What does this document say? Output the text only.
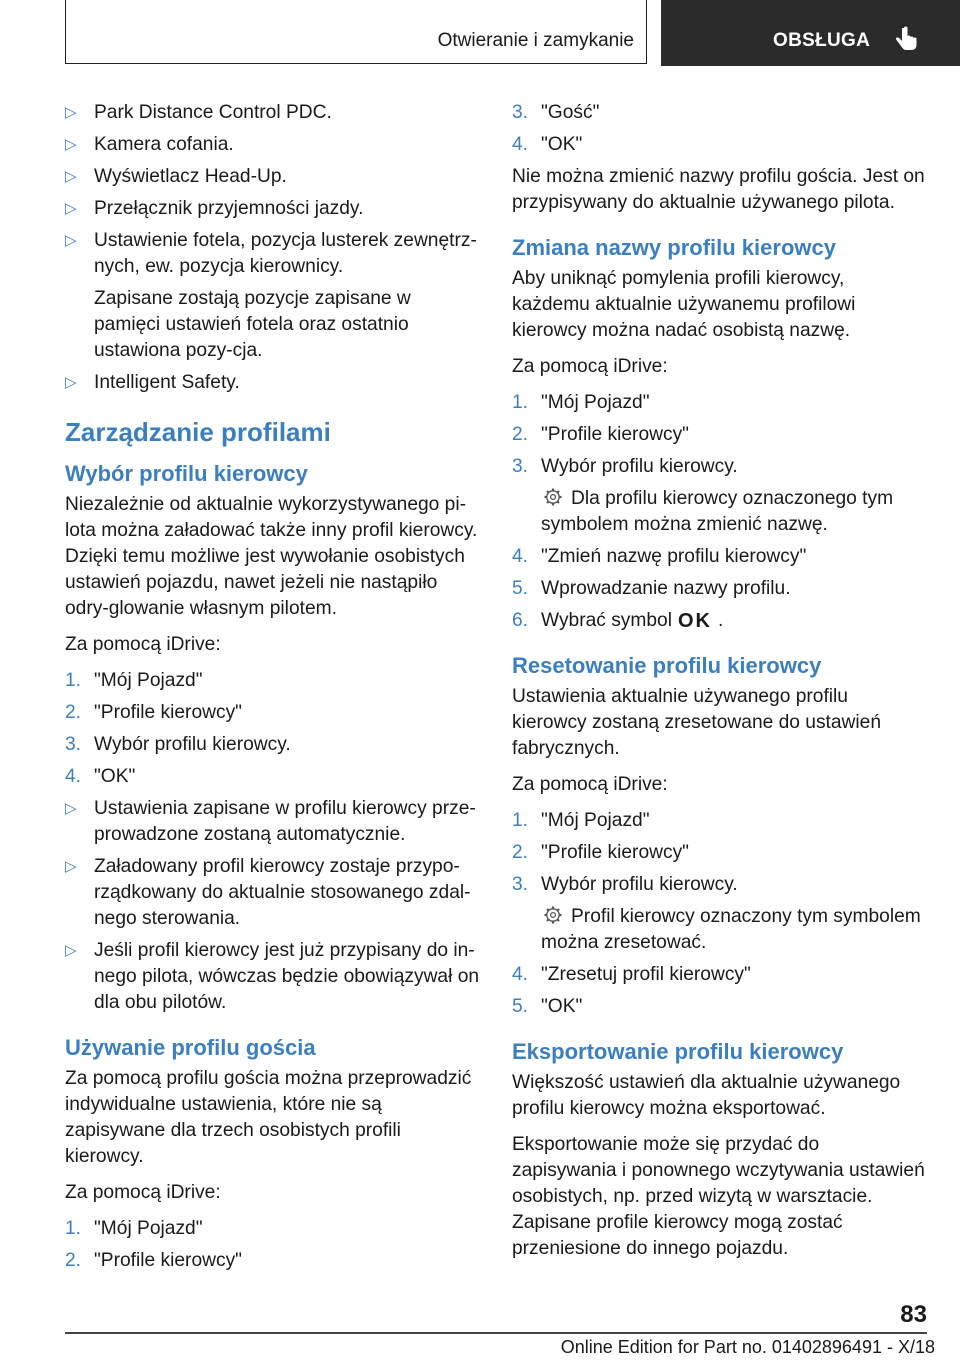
Otwieranie i zamykanie	OBSŁUGA
▷ Park Distance Control PDC.
▷ Kamera cofania.
▷ Wyświetlacz Head-Up.
▷ Przełącznik przyjemności jazdy.
▷ Ustawienie fotela, pozycja lusterek zewnętrz-nych, ew. pozycja kierownicy.
Zapisane zostają pozycje zapisane w pamięci ustawień fotela oraz ostatnio ustawiona pozy-cja.
▷ Intelligent Safety.
Zarządzanie profilami
Wybór profilu kierowcy
Niezależnie od aktualnie wykorzystywanego pi-lota można załadować także inny profil kierowcy. Dzięki temu możliwe jest wywołanie osobistych ustawień pojazdu, nawet jeżeli nie nastąpiło odry-glowanie własnym pilotem.
Za pomocą iDrive:
1. "Mój Pojazd"
2. "Profile kierowcy"
3. Wybór profilu kierowcy.
4. "OK"
▷ Ustawienia zapisane w profilu kierowcy prze-prowadzone zostaną automatycznie.
▷ Załadowany profil kierowcy zostaje przypo-rządkowany do aktualnie stosowanego zdal-nego sterowania.
▷ Jeśli profil kierowcy jest już przypisany do in-nego pilota, wówczas będzie obowiązywał on dla obu pilotów.
Używanie profilu gościa
Za pomocą profilu gościa można przeprowadzić indywidualne ustawienia, które nie są zapisywane dla trzech osobistych profili kierowcy.
Za pomocą iDrive:
1. "Mój Pojazd"
2. "Profile kierowcy"
3. "Gość"
4. "OK"
Nie można zmienić nazwy profilu gościa. Jest on przypisywany do aktualnie używanego pilota.
Zmiana nazwy profilu kierowcy
Aby uniknąć pomylenia profili kierowcy, każdemu aktualnie używanemu profilowi kierowcy można nadać osobistą nazwę.
Za pomocą iDrive:
1. "Mój Pojazd"
2. "Profile kierowcy"
3. Wybór profilu kierowcy.
Dla profilu kierowcy oznaczonego tym symbolem można zmienić nazwę.
4. "Zmień nazwę profilu kierowcy"
5. Wprowadzanie nazwy profilu.
6. Wybrać symbol OK .
Resetowanie profilu kierowcy
Ustawienia aktualnie używanego profilu kierowcy zostaną zresetowane do ustawień fabrycznych.
Za pomocą iDrive:
1. "Mój Pojazd"
2. "Profile kierowcy"
3. Wybór profilu kierowcy.
Profil kierowcy oznaczony tym symbolem można zresetować.
4. "Zresetuj profil kierowcy"
5. "OK"
Eksportowanie profilu kierowcy
Większość ustawień dla aktualnie używanego profilu kierowcy można eksportować.
Eksportowanie może się przydać do zapisywania i ponownego wczytywania ustawień osobistych, np. przed wizytą w warsztacie. Zapisane profile kierowcy mogą zostać przeniesione do innego pojazdu.
83
Online Edition for Part no. 01402896491 - X/18
